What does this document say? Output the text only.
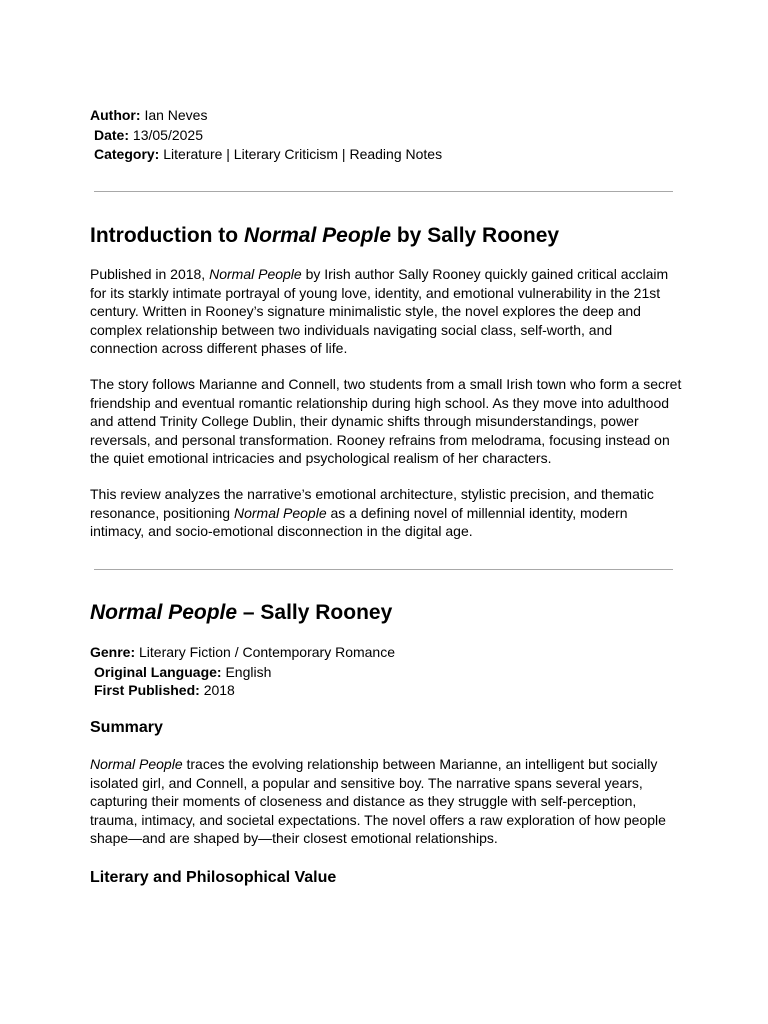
Author: Ian Neves

Date: 13/05/2025

Category: Literature | Literary Criticism | Reading Notes

Introduction to Normal People by Sally Rooney

Published in 2018, Normal People by Irish author Sally Rooney quickly gained critical acclaim for its starkly intimate portrayal of young love, identity, and emotional vulnerability in the 21st century. Written in Rooney’s signature minimalistic style, the novel explores the deep and complex relationship between two individuals navigating social class, self-worth, and connection across different phases of life.

The story follows Marianne and Connell, two students from a small Irish town who form a secret friendship and eventual romantic relationship during high school. As they move into adulthood and attend Trinity College Dublin, their dynamic shifts through misunderstandings, power reversals, and personal transformation. Rooney refrains from melodrama, focusing instead on the quiet emotional intricacies and psychological realism of her characters.

This review analyzes the narrative’s emotional architecture, stylistic precision, and thematic resonance, positioning Normal People as a defining novel of millennial identity, modern intimacy, and socio-emotional disconnection in the digital age.

Normal People – Sally Rooney

Genre: Literary Fiction / Contemporary Romance

Original Language: English

First Published: 2018

Summary

Normal People traces the evolving relationship between Marianne, an intelligent but socially isolated girl, and Connell, a popular and sensitive boy. The narrative spans several years, capturing their moments of closeness and distance as they struggle with self-perception, trauma, intimacy, and societal expectations. The novel offers a raw exploration of how people shape—and are shaped by—their closest emotional relationships.

Literary and Philosophical Value
